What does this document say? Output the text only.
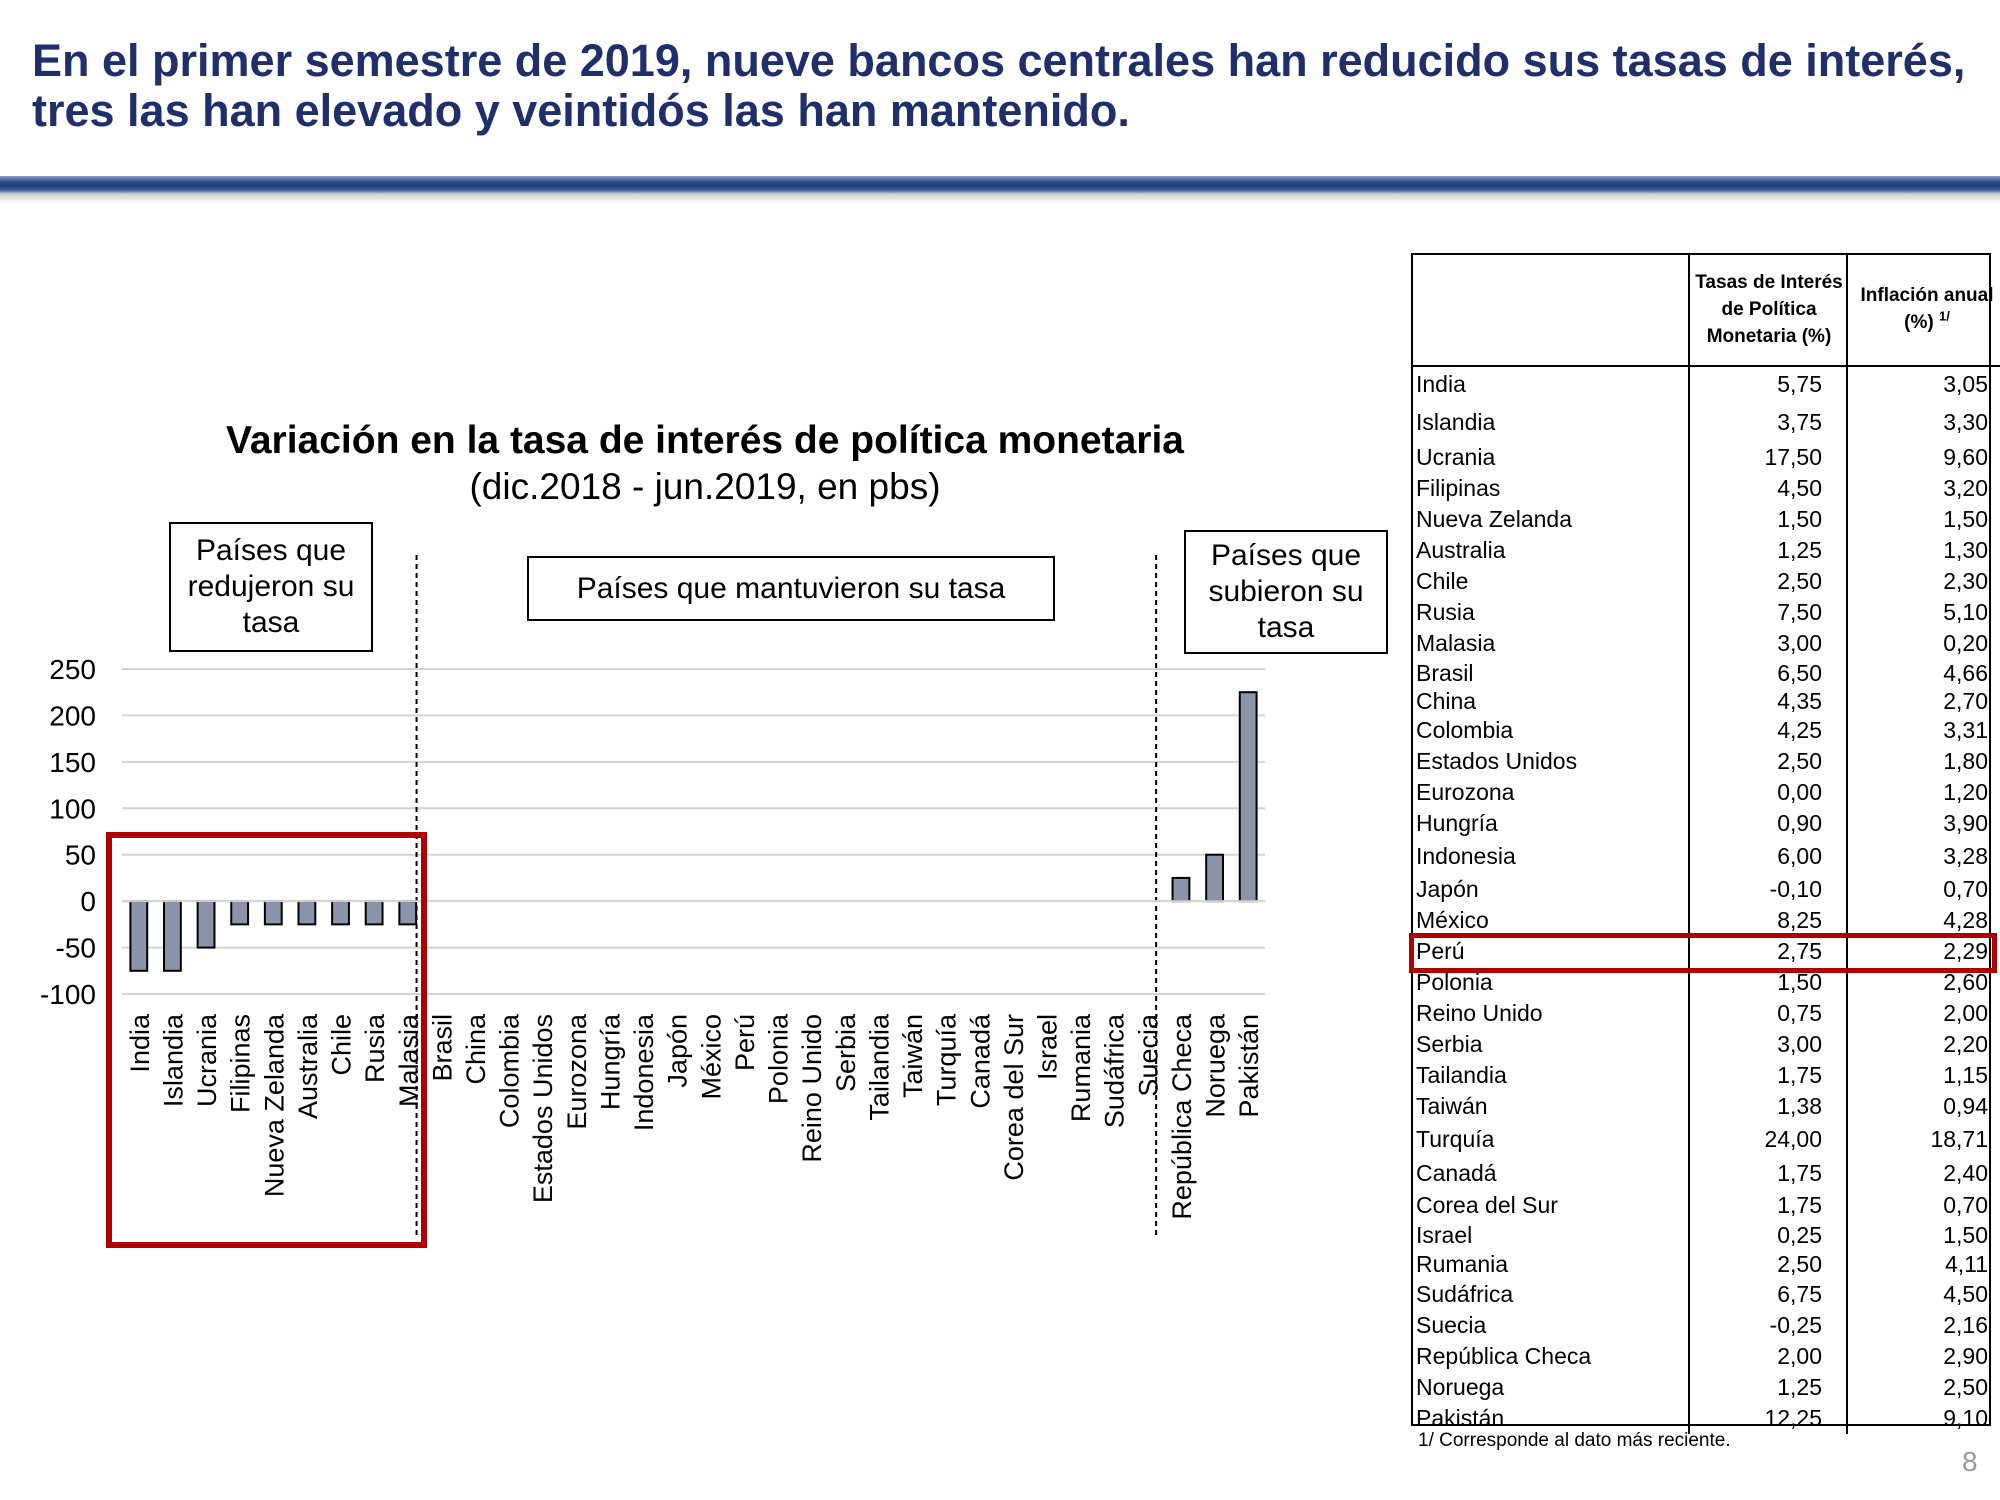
En el primer semestre de 2019, nueve bancos centrales han reducido sus tasas de interés,
tres las han elevado y veintidós las han mantenido.

Variación en la tasa de interés de política monetaria

(dic.2018 - jun.2019, en pbs)

250
200
150
100
50
0
-50
-100
India Islandia Ucrania Filipinas Nueva Zelanda Australia Chile Rusia Malasia Brasil China Colombia Estados Unidos Eurozona Hungría Indonesia Japón México Perú Polonia Reino Unido Serbia Tailandia Taiwán Turquía Canadá Corea del Sur Israel Rumania Sudáfrica Suecia República Checa Noruega Pakistán
Países que redujeron su tasa
Países que mantuvieron su tasa
Países que subieron su tasa
	Tasas de Interés de Política Monetaria (%)	Inflación anual (%) $^{1/}$
India	5,75	3,05
Islandia	3,75	3,30
Ucrania	17,50	9,60
Filipinas	4,50	3,20
Nueva Zelanda	1,50	1,50
Australia	1,25	1,30
Chile	2,50	2,30
Rusia	7,50	5,10
Malasia	3,00	0,20
Brasil	6,50	4,66
China	4,35	2,70
Colombia	4,25	3,31
Estados Unidos	2,50	1,80
Eurozona	0,00	1,20
Hungría	0,90	3,90
Indonesia	6,00	3,28
Japón	-0,10	0,70
México	8,25	4,28
Perú	2,75	2,29
Polonia	1,50	2,60
Reino Unido	0,75	2,00
Serbia	3,00	2,20
Tailandia	1,75	1,15
Taiwán	1,38	0,94
Turquía	24,00	18,71
Canadá	1,75	2,40
Corea del Sur	1,75	0,70
Israel	0,25	1,50
Rumania	2,50	4,11
Sudáfrica	6,75	4,50
Suecia	-0,25	2,16
República Checa	2,00	2,90
Noruega	1,25	2,50
Pakistán	12,25	9,10

1/ Corresponde al dato más reciente.

8
